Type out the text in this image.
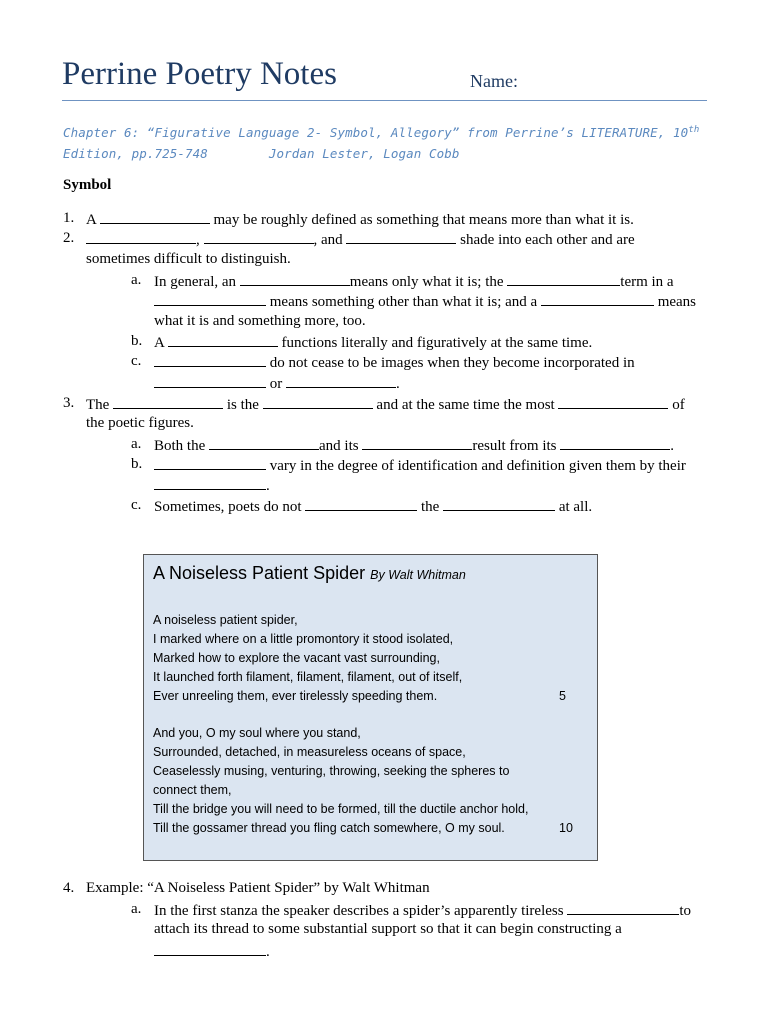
Perrine Poetry Notes	Name:
Chapter 6: “Figurative Language 2- Symbol, Allegory” from Perrine’s LITERATURE, 10th
Edition, pp.725-748        Jordan Lester, Logan Cobb
Symbol
1. A	may be roughly defined as something that means more than what it is.
2.	,	, and	shade into each other and are
sometimes difficult to distinguish.
a. In general, an	means only what it is; the	term in a
means something other than what it is; and a	means
what it is and something more, too.
b. A	functions literally and figuratively at the same time.
c.	do not cease to be images when they become incorporated in
or	.
3. The	is the	and at the same time the most	of
the poetic figures.
a. Both the	and its	result from its	.
b.	vary in the degree of identification and definition given them by their
.
c. Sometimes, poets do not	the	at all.
4. Example: “A Noiseless Patient Spider” by Walt Whitman
a. In the first stanza the speaker describes a spider’s apparently tireless	to
attach its thread to some substantial support so that it can begin constructing a
.
A Noiseless Patient Spider By Walt Whitman
A noiseless patient spider,
I marked where on a little promontory it stood isolated,
Marked how to explore the vacant vast surrounding,
It launched forth filament, filament, filament, out of itself,
Ever unreeling them, ever tirelessly speeding them.	5
And you, O my soul where you stand,
Surrounded, detached, in measureless oceans of space,
Ceaselessly musing, venturing, throwing, seeking the spheres to
connect them,
Till the bridge you will need to be formed, till the ductile anchor hold,
Till the gossamer thread you fling catch somewhere, O my soul.	10
